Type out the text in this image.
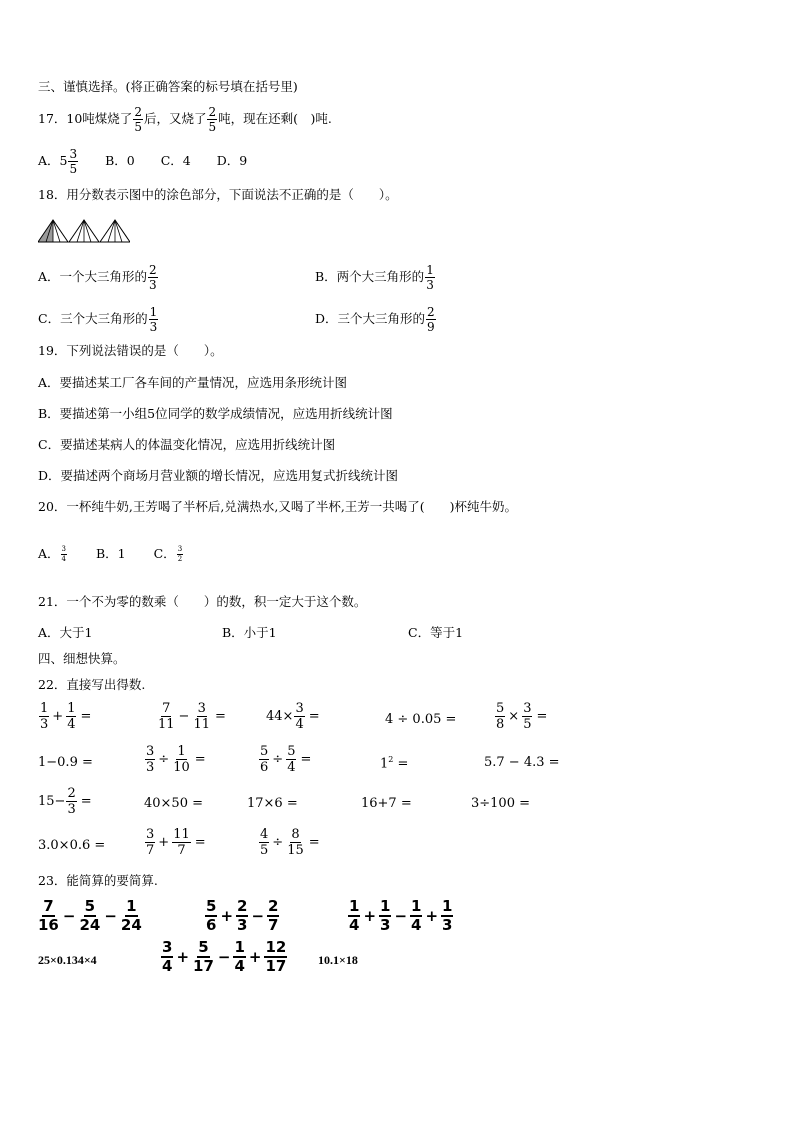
三、谨慎选择。(将正确答案的标号填在括号里)
17．10吨煤烧了 $\frac{2}{5}$ 后，又烧了 $\frac{2}{5}$ 吨，现在还剩(　)吨.
A．$5 \frac{3}{5}$ B．0 C．4 D．9
18．用分数表示图中的涂色部分，下面说法不正确的是（　　）。
A．一个大三角形的 $\frac{2}{3}$	B．两个大三角形的 $\frac{1}{3}$
C．三个大三角形的 $\frac{1}{3}$	D．三个大三角形的 $\frac{2}{9}$
19．下列说法错误的是（　　）。
A．要描述某工厂各车间的产量情况，应选用条形统计图
B．要描述第一小组5位同学的数学成绩情况，应选用折线统计图
C．要描述某病人的体温变化情况，应选用折线统计图
D．要描述两个商场月营业额的增长情况，应选用复式折线统计图
20．一杯纯牛奶,王芳喝了半杯后,兑满热水,又喝了半杯,王芳一共喝了(　　)杯纯牛奶。
A． $\frac{3}{4}$ B．1 C． $\frac{3}{2}$
21．一个不为零的数乘（　　）的数，积一定大于这个数。
A．大于1	B．小于1	C．等于1
四、细想快算。
22．直接写出得数.
$\frac{1}{3} + \frac{1}{4}$ =	$\frac{7}{11} - \frac{3}{11}$ =	$44\times \frac{3}{4}$ =	4 ÷ 0.05 =	$\frac{5}{8} \times \frac{3}{5}$ =
1−0.9 =	$\frac{3}{3} \div \frac{1}{10}$ =	$\frac{5}{6} \div \frac{5}{4}$ =	$1^2$ =	5.7 − 4.3 =
$15- \frac{2}{3}$ =	40×50 =	17×6 =	16+7 =	3÷100 =
3.0×0.6 =	$\frac{3}{7} + \frac{11}{7}$ =	$\frac{4}{5} \div \frac{8}{15}$ =
23．能简算的要简算.
$\frac{7}{16} - \frac{5}{24} - \frac{1}{24}$	$\frac{5}{6} + \frac{2}{3} - \frac{2}{7}$	$\frac{1}{4} + \frac{1}{3} - \frac{1}{4} + \frac{1}{3}$
25×0.134×4	$\frac{3}{4} + \frac{5}{17} - \frac{1}{4} + \frac{12}{17}$	10.1×18
